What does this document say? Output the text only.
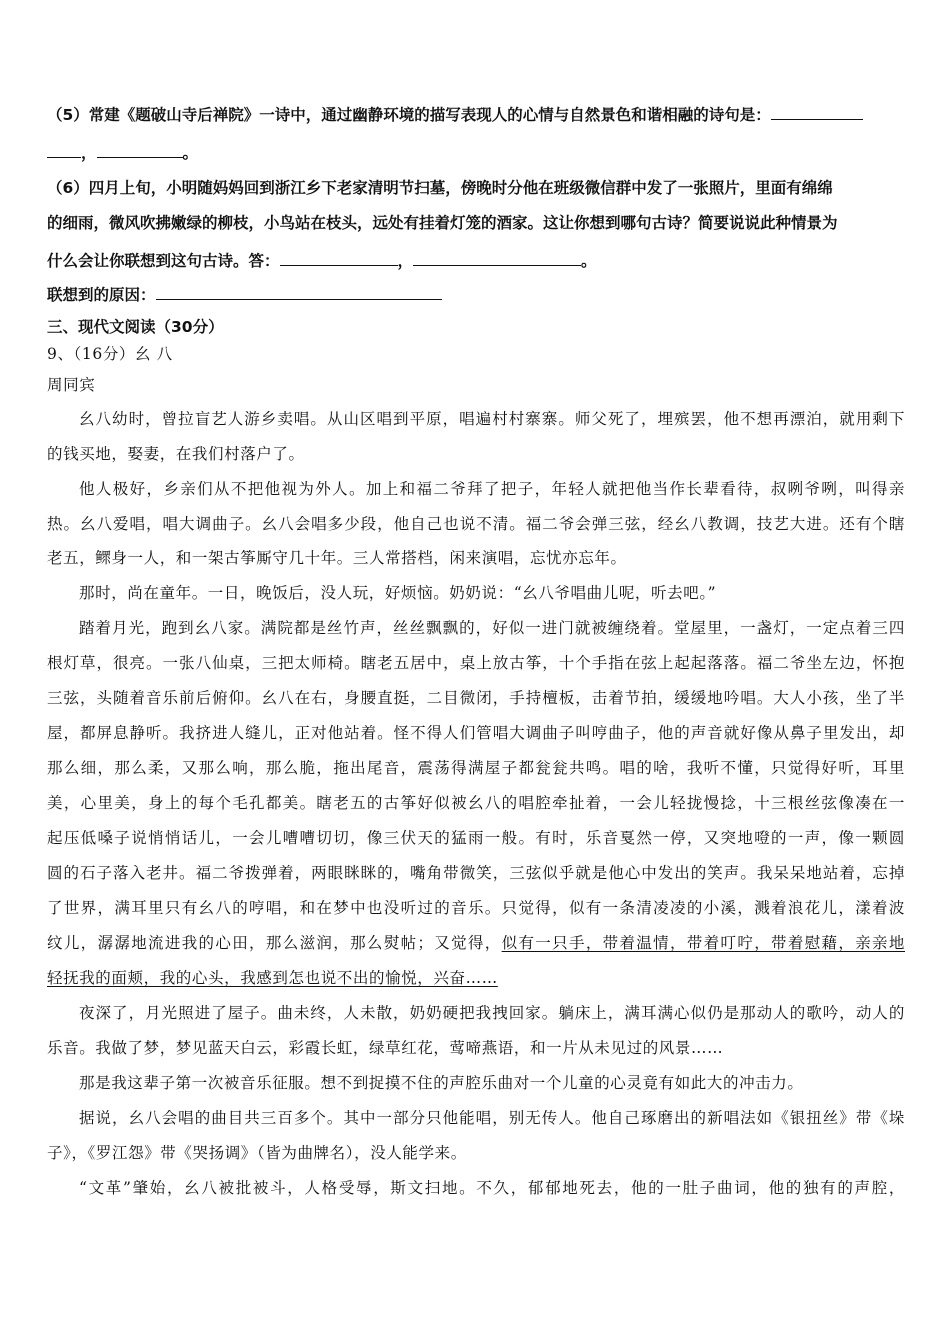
（5）常建《题破山寺后禅院》一诗中，通过幽静环境的描写表现人的心情与自然景色和谐相融的诗句是：
，	。
（6）四月上旬，小明随妈妈回到浙江乡下老家清明节扫墓，傍晚时分他在班级微信群中发了一张照片，里面有绵绵
的细雨，微风吹拂嫩绿的柳枝，小鸟站在枝头，远处有挂着灯笼的酒家。这让你想到哪句古诗？简要说说此种情景为
什么会让你联想到这句古诗。答：	，	。
联想到的原因：
三、现代文阅读（30分）
9、（16分）幺 八
周同宾
幺八幼时，曾拉盲艺人游乡卖唱。从山区唱到平原，唱遍村村寨寨。师父死了，埋殡罢，他不想再漂泊，就用剩下
的钱买地，娶妻，在我们村落户了。
他人极好，乡亲们从不把他视为外人。加上和福二爷拜了把子，年轻人就把他当作长辈看待，叔咧爷咧，叫得亲
热。幺八爱唱，唱大调曲子。幺八会唱多少段，他自己也说不清。福二爷会弹三弦，经幺八教调，技艺大进。还有个瞎
老五，鳏身一人，和一架古筝厮守几十年。三人常搭档，闲来演唱，忘忧亦忘年。
那时，尚在童年。一日，晚饭后，没人玩，好烦恼。奶奶说：“幺八爷唱曲儿呢，听去吧。”
踏着月光，跑到幺八家。满院都是丝竹声，丝丝飘飘的，好似一进门就被缠绕着。堂屋里，一盏灯，一定点着三四
根灯草，很亮。一张八仙桌，三把太师椅。瞎老五居中，桌上放古筝，十个手指在弦上起起落落。福二爷坐左边，怀抱
三弦，头随着音乐前后俯仰。幺八在右，身腰直挺，二目微闭，手持檀板，击着节拍，缓缓地吟唱。大人小孩，坐了半
屋，都屏息静听。我挤进人缝儿，正对他站着。怪不得人们管唱大调曲子叫哼曲子，他的声音就好像从鼻子里发出，却
那么细，那么柔，又那么响，那么脆，拖出尾音，震荡得满屋子都瓮瓮共鸣。唱的啥，我听不懂，只觉得好听，耳里
美，心里美，身上的每个毛孔都美。瞎老五的古筝好似被幺八的唱腔牵扯着，一会儿轻拢慢捻，十三根丝弦像凑在一
起压低嗓子说悄悄话儿，一会儿嘈嘈切切，像三伏天的猛雨一般。有时，乐音戛然一停，又突地噔的一声，像一颗圆
圆的石子落入老井。福二爷拨弹着，两眼眯眯的，嘴角带微笑，三弦似乎就是他心中发出的笑声。我呆呆地站着，忘掉
了世界，满耳里只有幺八的哼唱，和在梦中也没听过的音乐。只觉得，似有一条清凌凌的小溪，溅着浪花儿，漾着波
纹儿，潺潺地流进我的心田，那么滋润，那么熨帖；又觉得，似有一只手，带着温情，带着叮咛，带着慰藉，亲亲地
轻抚我的面颊，我的心头，我感到怎也说不出的愉悦，兴奋……
夜深了，月光照进了屋子。曲未终，人未散，奶奶硬把我拽回家。躺床上，满耳满心似仍是那动人的歌吟，动人的
乐音。我做了梦，梦见蓝天白云，彩霞长虹，绿草红花，莺啼燕语，和一片从未见过的风景……
那是我这辈子第一次被音乐征服。想不到捉摸不住的声腔乐曲对一个儿童的心灵竟有如此大的冲击力。
据说，幺八会唱的曲目共三百多个。其中一部分只他能唱，别无传人。他自己琢磨出的新唱法如《银扭丝》带《垛
子》，《罗江怨》带《哭扬调》（皆为曲牌名），没人能学来。
“文革”肇始，幺八被批被斗，人格受辱，斯文扫地。不久，郁郁地死去，他的一肚子曲词，他的独有的声腔，
